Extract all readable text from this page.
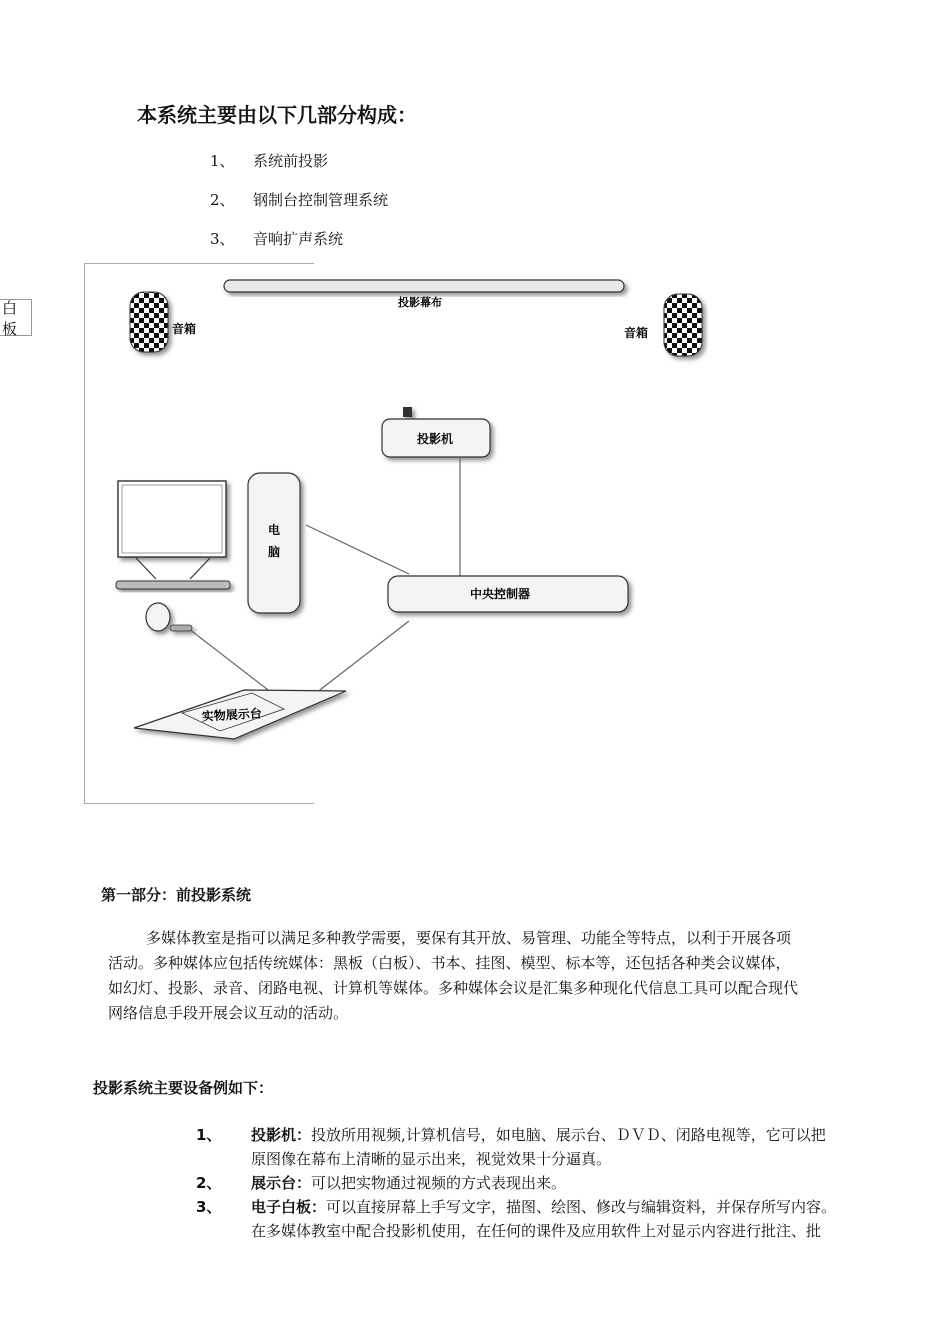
本系统主要由以下几部分构成：
1、 系统前投影
2、 钢制台控制管理系统
3、 音响扩声系统
白板
投影幕布
音箱	音箱
投影机
电
脑
中央控制器
实物展示台
第一部分：前投影系统
多媒体教室是指可以满足多种教学需要，要保有其开放、易管理、功能全等特点，以利于开展各项
活动。多种媒体应包括传统媒体：黑板（白板）、书本、挂图、模型、标本等，还包括各种类会议媒体，
如幻灯、投影、录音、闭路电视、计算机等媒体。多种媒体会议是汇集多种现化代信息工具可以配合现代
网络信息手段开展会议互动的活动。
投影系统主要设备例如下：
1、 投影机：投放所用视频,计算机信号，如电脑、展示台、ＤＶＤ、闭路电视等，它可以把
原图像在幕布上清晰的显示出来，视觉效果十分逼真。
2、 展示台：可以把实物通过视频的方式表现出来。
3、 电子白板：可以直接屏幕上手写文字，描图、绘图、修改与编辑资料，并保存所写内容。
在多媒体教室中配合投影机使用，在任何的课件及应用软件上对显示内容进行批注、批
